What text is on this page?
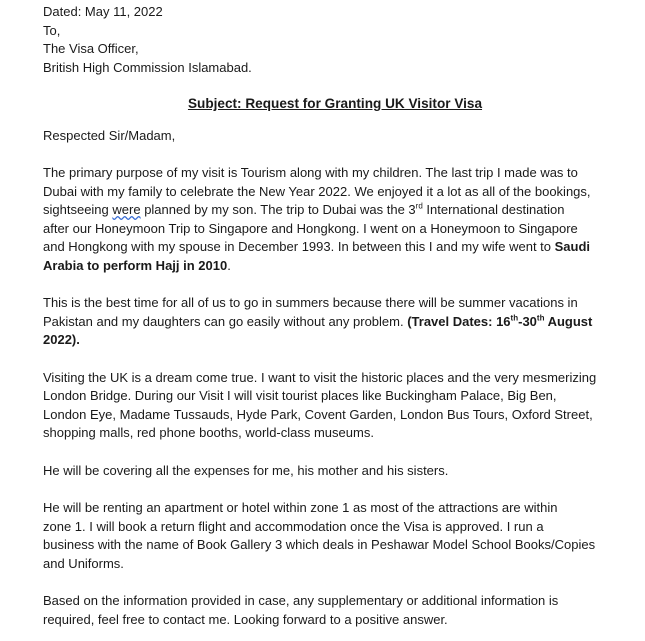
Dated: May 11, 2022
To,
The Visa Officer,
British High Commission Islamabad.
Subject: Request for Granting UK Visitor Visa
Respected Sir/Madam,
The primary purpose of my visit is Tourism along with my children. The last trip I made was to
Dubai with my family to celebrate the New Year 2022. We enjoyed it a lot as all of the bookings,
sightseeing were planned by my son. The trip to Dubai was the 3rd International destination
after our Honeymoon Trip to Singapore and Hongkong. I went on a Honeymoon to Singapore
and Hongkong with my spouse in December 1993. In between this I and my wife went to Saudi
Arabia to perform Hajj in 2010.
This is the best time for all of us to go in summers because there will be summer vacations in
Pakistan and my daughters can go easily without any problem. (Travel Dates: 16th-30th August
2022).
Visiting the UK is a dream come true. I want to visit the historic places and the very mesmerizing
London Bridge. During our Visit I will visit tourist places like Buckingham Palace, Big Ben,
London Eye, Madame Tussauds, Hyde Park, Covent Garden, London Bus Tours, Oxford Street,
shopping malls, red phone booths, world-class museums.
He will be covering all the expenses for me, his mother and his sisters.
He will be renting an apartment or hotel within zone 1 as most of the attractions are within
zone 1. I will book a return flight and accommodation once the Visa is approved. I run a
business with the name of Book Gallery 3 which deals in Peshawar Model School Books/Copies
and Uniforms.
Based on the information provided in case, any supplementary or additional information is
required, feel free to contact me. Looking forward to a positive answer.
